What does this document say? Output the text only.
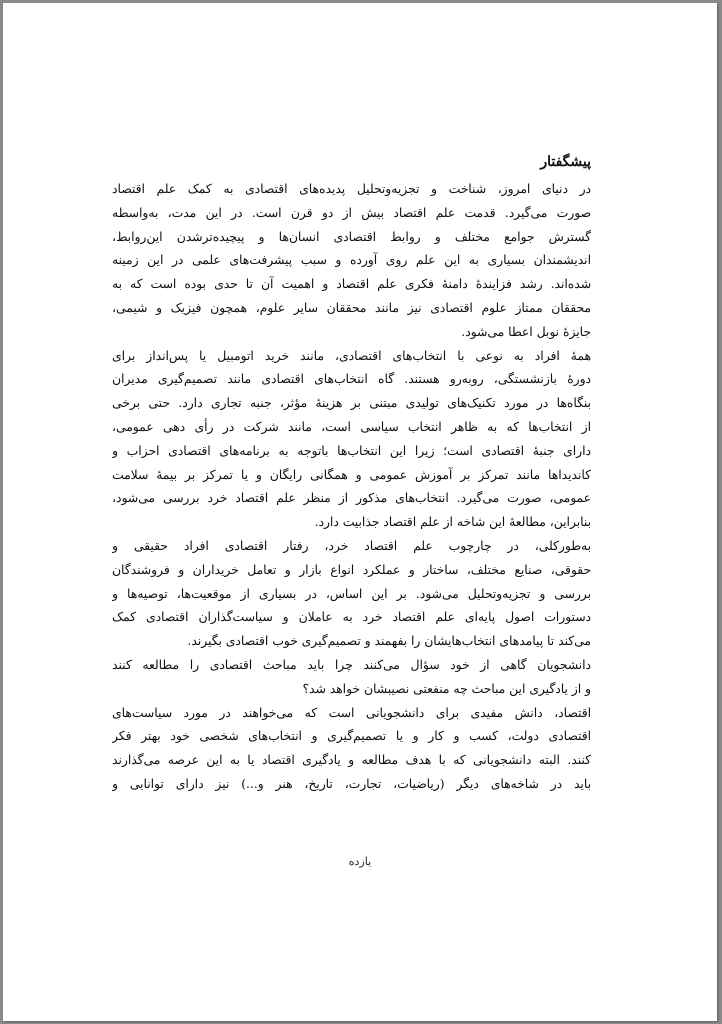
پیشگفتار
در دنیای امروز، شناخت و تجزیه‌وتحلیل پدیده‌های اقتصادی به کمک علم اقتصاد
صورت می‌گیرد. قدمت علم اقتصاد بیش از دو قرن است. در این مدت، به‌واسطه
گسترش جوامع مختلف و روابط اقتصادی انسان‌ها و پیچیده‌ترشدن این‌روابط،
اندیشمندان بسیاری به این علم روی آورده و سبب پیشرفت‌های علمی در این زمینه
شده‌اند. رشد فزایندهٔ دامنهٔ فکری علم اقتصاد و اهمیت آن تا حدی بوده است که به
محققان ممتاز علوم اقتصادی نیز مانند محققان سایر علوم، همچون فیزیک و شیمی،
جایزهٔ نوبل اعطا می‌شود.
همهٔ افراد به نوعی با انتخاب‌های اقتصادی، مانند خرید اتومبیل یا پس‌انداز برای
دورهٔ بازنشستگی، روبه‌رو هستند. گاه انتخاب‌های اقتصادی مانند تصمیم‌گیری مدیران
بنگاه‌ها در مورد تکنیک‌های تولیدی مبتنی بر هزینهٔ مؤثر، جنبه تجاری دارد. حتی برخی
از انتخاب‌ها که به ظاهر انتخاب سیاسی است، مانند شرکت در رأی دهی عمومی،
دارای جنبهٔ اقتصادی است؛ زیرا این انتخاب‌ها باتوجه به برنامه‌های اقتصادی احزاب و
کاندیداها مانند تمرکز بر آموزش عمومی و همگانی رایگان و یا تمرکز بر بیمهٔ سلامت
عمومی، صورت می‌گیرد. انتخاب‌های مذکور از منظر علم اقتصاد خرد بررسی می‌شود،
بنابراین، مطالعهٔ این شاخه از علم اقتصاد جذابیت دارد.
به‌طورکلی، در چارچوب علم اقتصاد خرد، رفتار اقتصادی افراد حقیقی و
حقوقی، صنایع مختلف، ساختار و عملکرد انواع بازار و تعامل خریداران و فروشندگان
بررسی و تجزیه‌وتحلیل می‌شود. بر این اساس، در بسیاری از موقعیت‌ها، توصیه‌ها و
دستورات اصول پایه‌ای علم اقتصاد خرد به عاملان و سیاست‌گذاران اقتصادی کمک
می‌کند تا پیامدهای انتخاب‌هایشان را بفهمند و تصمیم‌گیری خوب اقتصادی بگیرند.
دانشجویان گاهی از خود سؤال می‌کنند چرا باید مباحث اقتصادی را مطالعه کنند
و از یادگیری این مباحث چه منفعتی نصیبشان خواهد شد؟
اقتصاد، دانش مفیدی برای دانشجویانی است که می‌خواهند در مورد سیاست‌های
اقتصادی دولت، کسب و کار و یا تصمیم‌گیری و انتخاب‌های شخصی خود بهتر فکر
کنند. البته دانشجویانی که با هدف مطالعه و یادگیری اقتصاد یا به این عرصه می‌گذارند
باید در شاخه‌های دیگر (ریاضیات، تجارت، تاریخ، هنر و...) نیز دارای توانایی و
یازده
